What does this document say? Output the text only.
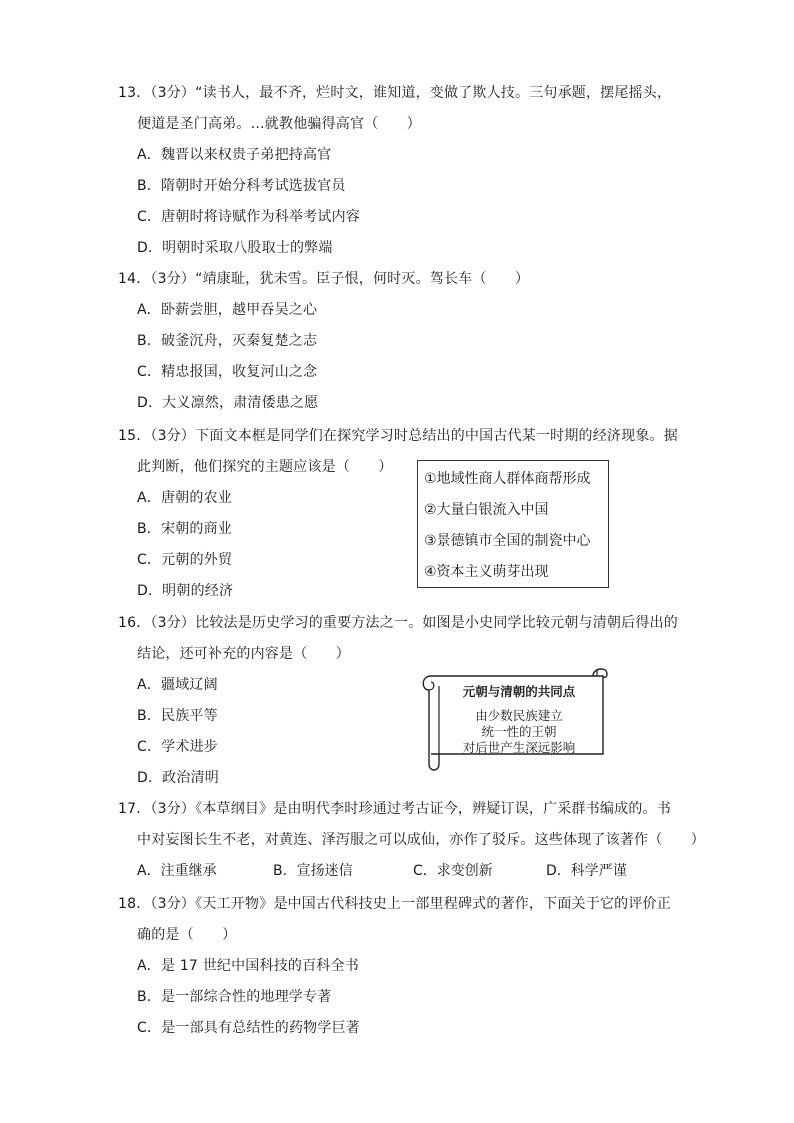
13．（3分）“读书人，最不齐，烂时文，谁知道，变做了欺人技。三句承题，摆尾摇头，
便道是圣门高弟。…就教他骗得高官（　　）
A．魏晋以来权贵子弟把持高官
B．隋朝时开始分科考试选拔官员
C．唐朝时将诗赋作为科举考试内容
D．明朝时采取八股取士的弊端
14．（3分）“靖康耻，犹未雪。臣子恨，何时灭。驾长车（　　）
A．卧薪尝胆，越甲吞吴之心
B．破釜沉舟，灭秦复楚之志
C．精忠报国，收复河山之念
D．大义凛然，肃清倭患之愿
15．（3分）下面文本框是同学们在探究学习时总结出的中国古代某一时期的经济现象。据
此判断，他们探究的主题应该是（　　）
A．唐朝的农业
B．宋朝的商业
C．元朝的外贸
D．明朝的经济
①地域性商人群体商帮形成
②大量白银流入中国
③景德镇市全国的制瓷中心
④资本主义萌芽出现
16．（3分）比较法是历史学习的重要方法之一。如图是小史同学比较元朝与清朝后得出的
结论，还可补充的内容是（　　）
A．疆域辽阔
B．民族平等
C．学术进步
D．政治清明
元朝与清朝的共同点
由少数民族建立
统一性的王朝
对后世产生深远影响
17．（3分）《本草纲目》是由明代李时珍通过考古证今，辨疑订误，广采群书编成的。书
中对妄图长生不老，对黄连、泽泻服之可以成仙，亦作了驳斥。这些体现了该著作（　　）
A．注重继承	B．宣扬迷信	C．求变创新	D．科学严谨
18．（3分）《天工开物》是中国古代科技史上一部里程碑式的著作，下面关于它的评价正
确的是（　　）
A．是 17 世纪中国科技的百科全书
B．是一部综合性的地理学专著
C．是一部具有总结性的药物学巨著
